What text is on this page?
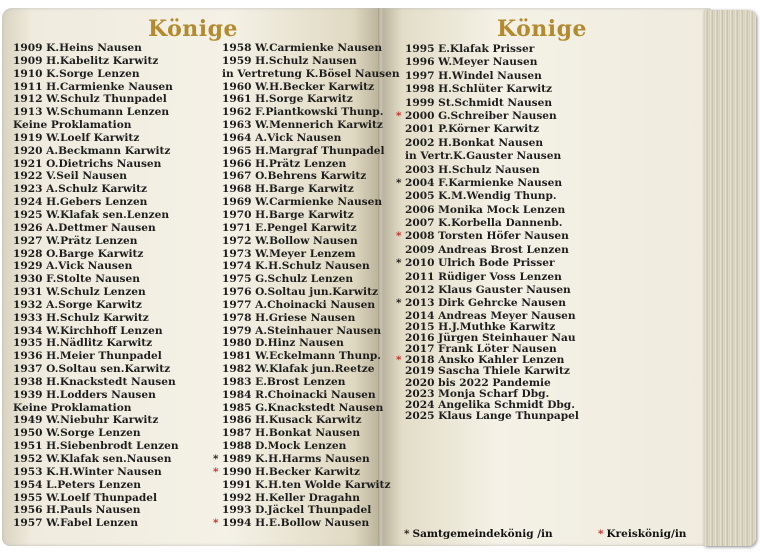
Könige	Könige
1909 K.Heins Nausen
1909 H.Kabelitz Karwitz
1910 K.Sorge Lenzen
1911 H.Carmienke Nausen
1912 W.Schulz Thunpadel
1913 W.Schumann Lenzen
Keine Proklamation
1919 W.Loelf Karwitz
1920 A.Beckmann Karwitz
1921 O.Dietrichs Nausen
1922 V.Seil Nausen
1923 A.Schulz Karwitz
1924 H.Gebers Lenzen
1925 W.Klafak sen.Lenzen
1926 A.Dettmer Nausen
1927 W.Prätz Lenzen
1928 O.Barge Karwitz
1929 A.Vick Nausen
1930 F.Stolte Nausen
1931 W.Schulz Lenzen
1932 A.Sorge Karwitz
1933 H.Schulz Karwitz
1934 W.Kirchhoff Lenzen
1935 H.Nädlitz Karwitz
1936 H.Meier Thunpadel
1937 O.Soltau sen.Karwitz
1938 H.Knackstedt Nausen
1939 H.Lodders Nausen
Keine Proklamation
1949 W.Niebuhr Karwitz
1950 W.Sorge Lenzen
1951 H.Siebenbrodt Lenzen
1952 W.Klafak sen.Nausen
1953 K.H.Winter Nausen
1954 L.Peters Lenzen
1955 W.Loelf Thunpadel
1956 H.Pauls Nausen
1957 W.Fabel Lenzen
1958 W.Carmienke Nausen
1959 H.Schulz Nausen
in Vertretung K.Bösel Nausen
1960 W.H.Becker Karwitz
1961 H.Sorge Karwitz
1962 F.Piantkowski Thunp.
1963 W.Mennerich Karwitz
1964 A.Vick Nausen
1965 H.Margraf Thunpadel
1966 H.Prätz Lenzen
1967 O.Behrens Karwitz
1968 H.Barge Karwitz
1969 W.Carmienke Nausen
1970 H.Barge Karwitz
1971 E.Pengel Karwitz
1972 W.Bollow Nausen
1973 W.Meyer Lenzem
1974 K.H.Schulz Nausen
1975 G.Schulz Lenzen
1976 O.Soltau jun.Karwitz
1977 A.Choinacki Nausen
1978 H.Griese Nausen
1979 A.Steinhauer Nausen
1980 D.Hinz Nausen
1981 W.Eckelmann Thunp.
1982 W.Klafak jun.Reetze
1983 E.Brost Lenzen
1984 R.Choinacki Nausen
1985 G.Knackstedt Nausen
1986 H.Kusack Karwitz
1987 H.Bonkat Nausen
1988 D.Mock Lenzen
* 1989 K.H.Harms Nausen
* 1990 H.Becker Karwitz
1991 K.H.ten Wolde Karwitz
1992 H.Keller Dragahn
1993 D.Jäckel Thunpadel
* 1994 H.E.Bollow Nausen
1995 E.Klafak Prisser
1996 W.Meyer Nausen
1997 H.Windel Nausen
1998 H.Schlüter Karwitz
1999 St.Schmidt Nausen
* 2000 G.Schreiber Nausen
2001 P.Körner Karwitz
2002 H.Bonkat Nausen
in Vertr.K.Gauster Nausen
2003 H.Schulz Nausen
* 2004 F.Karmienke Nausen
2005 K.M.Wendig Thunp.
2006 Monika Mock Lenzen
2007 K.Korbella Dannenb.
* 2008 Torsten Höfer Nausen
2009 Andreas Brost Lenzen
* 2010 Ulrich Bode Prisser
2011 Rüdiger Voss Lenzen
2012 Klaus Gauster Nausen
* 2013 Dirk Gehrcke Nausen
2014 Andreas Meyer Nausen
2015 H.J.Muthke Karwitz
2016 Jürgen Steinhauer Nau
2017 Frank Löter Nausen
* 2018 Ansko Kahler Lenzen
2019 Sascha Thiele Karwitz
2020 bis 2022 Pandemie
2023 Monja Scharf Dbg.
2024 Angelika Schmidt Dbg.
2025 Klaus Lange Thunpapel
* Samtgemeindekönig /in	* Kreiskönig/in
